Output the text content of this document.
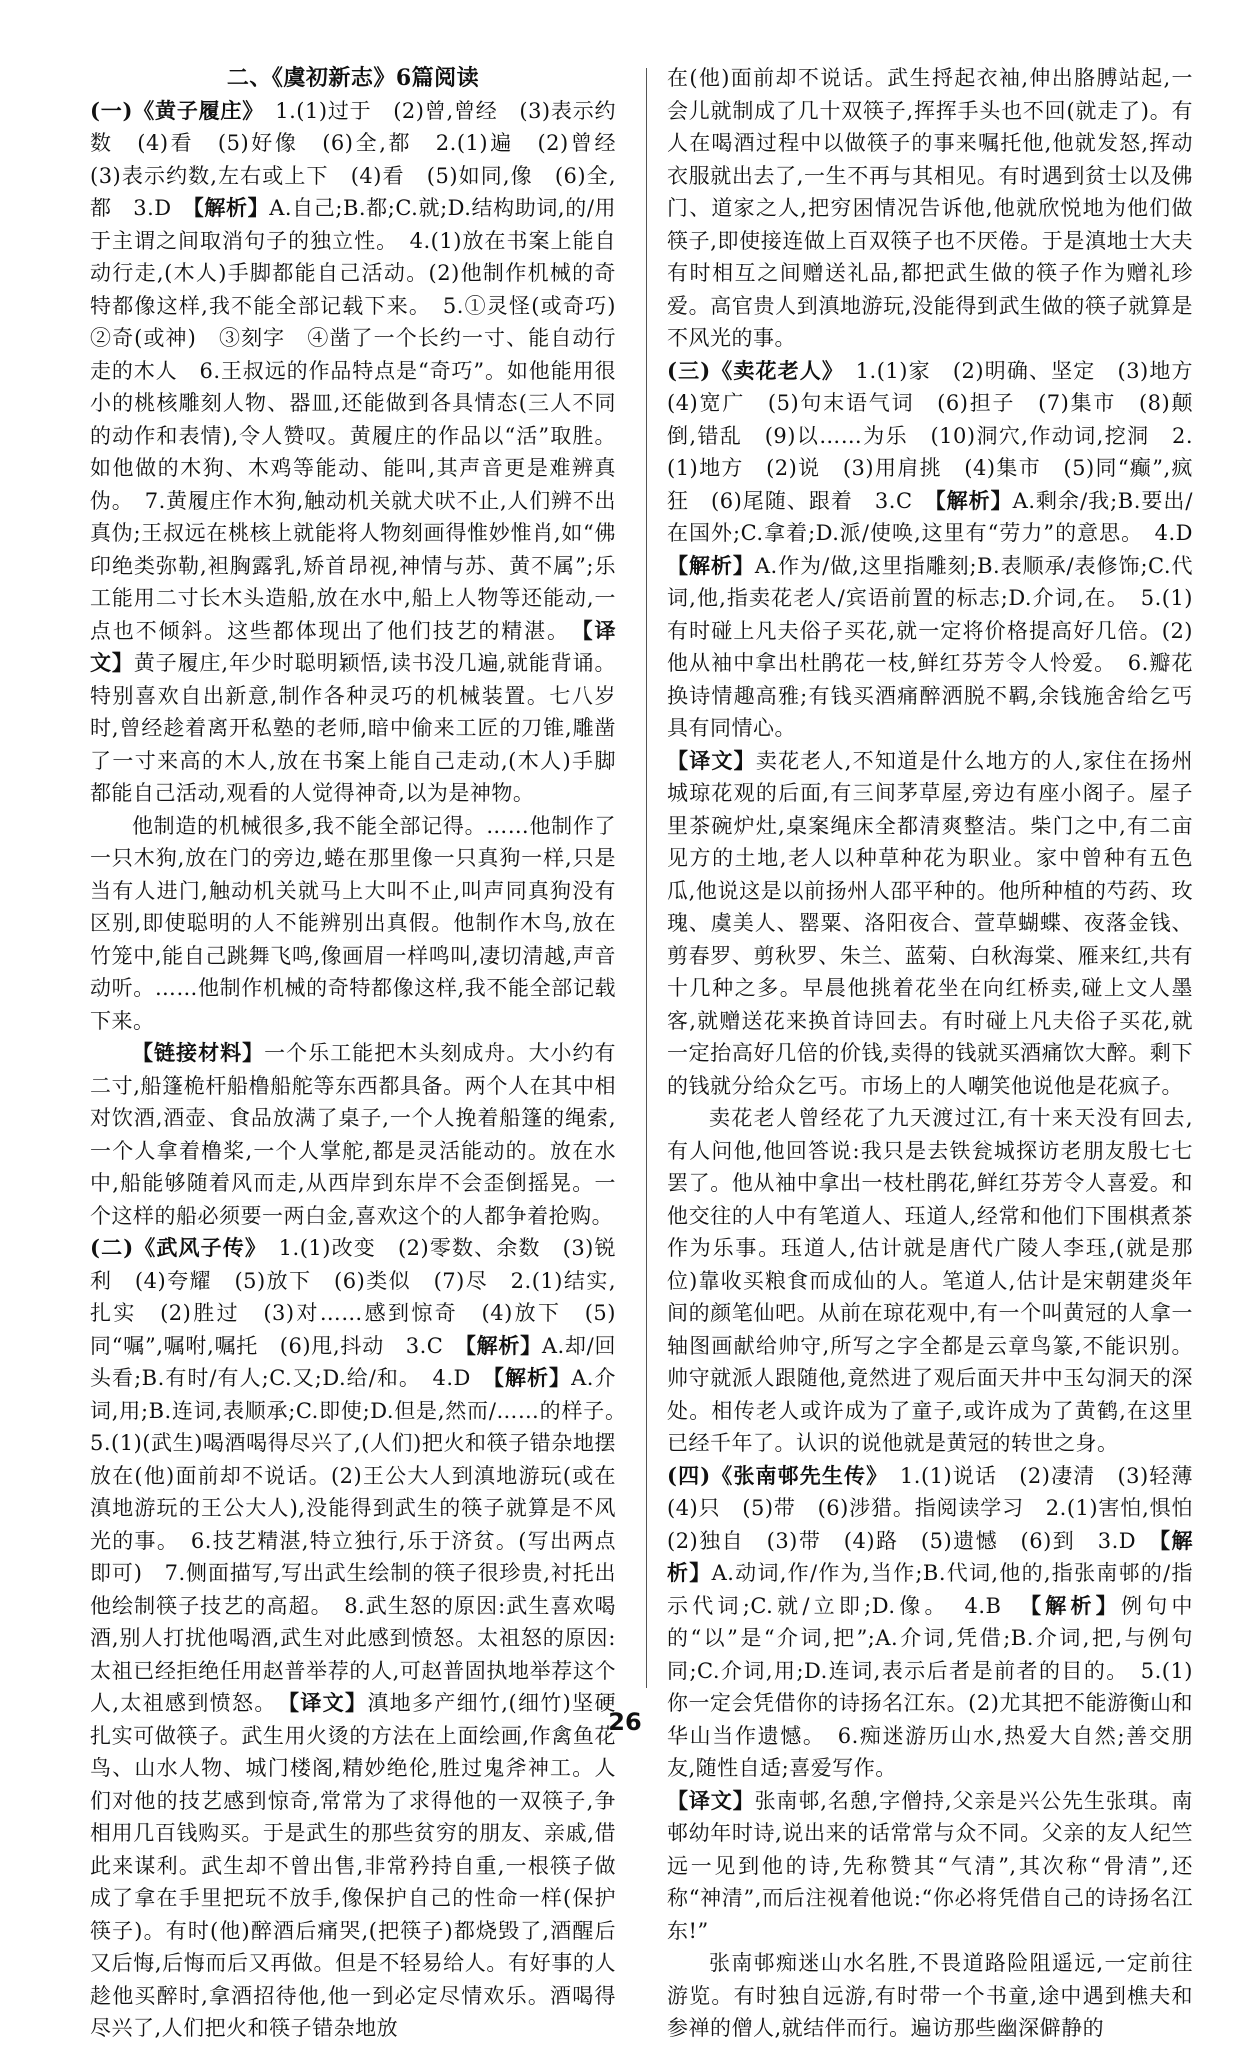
二、《虞初新志》6篇阅读

(一)《黄子履庄》　1.(1)过于　(2)曾,曾经　(3)表示约数　(4)看　(5)好像　(6)全,都　2.(1)遍　(2)曾经　(3)表示约数,左右或上下　(4)看　(5)如同,像　(6)全,都　3.D　【解析】A.自己;B.都;C.就;D.结构助词,的/用于主谓之间取消句子的独立性。　4.(1)放在书案上能自动行走,(木人)手脚都能自己活动。(2)他制作机械的奇特都像这样,我不能全部记载下来。　5.①灵怪(或奇巧)　②奇(或神)　③刻字　④凿了一个长约一寸、能自动行走的木人　6.王叔远的作品特点是“奇巧”。如他能用很小的桃核雕刻人物、器皿,还能做到各具情态(三人不同的动作和表情),令人赞叹。黄履庄的作品以“活”取胜。如他做的木狗、木鸡等能动、能叫,其声音更是难辨真伪。　7.黄履庄作木狗,触动机关就犬吠不止,人们辨不出真伪;王叔远在桃核上就能将人物刻画得惟妙惟肖,如“佛印绝类弥勒,袒胸露乳,矫首昂视,神情与苏、黄不属”;乐工能用二寸长木头造船,放在水中,船上人物等还能动,一点也不倾斜。这些都体现出了他们技艺的精湛。　【译文】黄子履庄,年少时聪明颖悟,读书没几遍,就能背诵。特别喜欢自出新意,制作各种灵巧的机械装置。七八岁时,曾经趁着离开私塾的老师,暗中偷来工匠的刀锥,雕凿了一寸来高的木人,放在书案上能自己走动,(木人)手脚都能自己活动,观看的人觉得神奇,以为是神物。

他制造的机械很多,我不能全部记得。……他制作了一只木狗,放在门的旁边,蜷在那里像一只真狗一样,只是当有人进门,触动机关就马上大叫不止,叫声同真狗没有区别,即使聪明的人不能辨别出真假。他制作木鸟,放在竹笼中,能自己跳舞飞鸣,像画眉一样鸣叫,凄切清越,声音动听。……他制作机械的奇特都像这样,我不能全部记载下来。

【链接材料】一个乐工能把木头刻成舟。大小约有二寸,船篷桅杆船橹船舵等东西都具备。两个人在其中相对饮酒,酒壶、食品放满了桌子,一个人挽着船篷的绳索,一个人拿着橹桨,一个人掌舵,都是灵活能动的。放在水中,船能够随着风而走,从西岸到东岸不会歪倒摇晃。一个这样的船必须要一两白金,喜欢这个的人都争着抢购。

(二)《武风子传》　1.(1)改变　(2)零数、余数　(3)锐利　(4)夸耀　(5)放下　(6)类似　(7)尽　2.(1)结实,扎实　(2)胜过　(3)对……感到惊奇　(4)放下　(5)同“嘱”,嘱咐,嘱托　(6)甩,抖动　3.C　【解析】A.却/回头看;B.有时/有人;C.又;D.给/和。　4.D　【解析】A.介词,用;B.连词,表顺承;C.即使;D.但是,然而/……的样子。　5.(1)(武生)喝酒喝得尽兴了,(人们)把火和筷子错杂地摆放在(他)面前却不说话。(2)王公大人到滇地游玩(或在滇地游玩的王公大人),没能得到武生的筷子就算是不风光的事。　6.技艺精湛,特立独行,乐于济贫。(写出两点即可)　7.侧面描写,写出武生绘制的筷子很珍贵,衬托出他绘制筷子技艺的高超。　8.武生怒的原因:武生喜欢喝酒,别人打扰他喝酒,武生对此感到愤怒。太祖怒的原因:太祖已经拒绝任用赵普举荐的人,可赵普固执地举荐这个人,太祖感到愤怒。　【译文】滇地多产细竹,(细竹)坚硬扎实可做筷子。武生用火烫的方法在上面绘画,作禽鱼花鸟、山水人物、城门楼阁,精妙绝伦,胜过鬼斧神工。人们对他的技艺感到惊奇,常常为了求得他的一双筷子,争相用几百钱购买。于是武生的那些贫穷的朋友、亲戚,借此来谋利。武生却不曾出售,非常矜持自重,一根筷子做成了拿在手里把玩不放手,像保护自己的性命一样(保护筷子)。有时(他)醉酒后痛哭,(把筷子)都烧毁了,酒醒后又后悔,后悔而后又再做。但是不轻易给人。有好事的人趁他买醉时,拿酒招待他,他一到必定尽情欢乐。酒喝得尽兴了,人们把火和筷子错杂地放

在(他)面前却不说话。武生捋起衣袖,伸出胳膊站起,一会儿就制成了几十双筷子,挥挥手头也不回(就走了)。有人在喝酒过程中以做筷子的事来嘱托他,他就发怒,挥动衣服就出去了,一生不再与其相见。有时遇到贫士以及佛门、道家之人,把穷困情况告诉他,他就欣悦地为他们做筷子,即使接连做上百双筷子也不厌倦。于是滇地士大夫有时相互之间赠送礼品,都把武生做的筷子作为赠礼珍爱。高官贵人到滇地游玩,没能得到武生做的筷子就算是不风光的事。

(三)《卖花老人》　1.(1)家　(2)明确、坚定　(3)地方　(4)宽广　(5)句末语气词　(6)担子　(7)集市　(8)颠倒,错乱　(9)以……为乐　(10)洞穴,作动词,挖洞　2.(1)地方　(2)说　(3)用肩挑　(4)集市　(5)同“癫”,疯狂　(6)尾随、跟着　3.C　【解析】A.剩余/我;B.要出/在国外;C.拿着;D.派/使唤,这里有“劳力”的意思。　4.D　【解析】A.作为/做,这里指雕刻;B.表顺承/表修饰;C.代词,他,指卖花老人/宾语前置的标志;D.介词,在。　5.(1)有时碰上凡夫俗子买花,就一定将价格提高好几倍。(2)他从袖中拿出杜鹃花一枝,鲜红芬芳令人怜爱。　6.瓣花换诗情趣高雅;有钱买酒痛醉洒脱不羁,余钱施舍给乞丐具有同情心。

【译文】卖花老人,不知道是什么地方的人,家住在扬州城琼花观的后面,有三间茅草屋,旁边有座小阁子。屋子里茶碗炉灶,桌案绳床全都清爽整洁。柴门之中,有二亩见方的土地,老人以种草种花为职业。家中曾种有五色瓜,他说这是以前扬州人邵平种的。他所种植的芍药、玫瑰、虞美人、罂粟、洛阳夜合、萱草蝴蝶、夜落金钱、剪春罗、剪秋罗、朱兰、蓝菊、白秋海棠、雁来红,共有十几种之多。早晨他挑着花坐在向红桥卖,碰上文人墨客,就赠送花来换首诗回去。有时碰上凡夫俗子买花,就一定抬高好几倍的价钱,卖得的钱就买酒痛饮大醉。剩下的钱就分给众乞丐。市场上的人嘲笑他说他是花疯子。

卖花老人曾经花了九天渡过江,有十来天没有回去,有人问他,他回答说:我只是去铁瓮城探访老朋友殷七七罢了。他从袖中拿出一枝杜鹃花,鲜红芬芳令人喜爱。和他交往的人中有笔道人、珏道人,经常和他们下围棋煮茶作为乐事。珏道人,估计就是唐代广陵人李珏,(就是那位)靠收买粮食而成仙的人。笔道人,估计是宋朝建炎年间的颜笔仙吧。从前在琼花观中,有一个叫黄冠的人拿一轴图画献给帅守,所写之字全都是云章鸟篆,不能识别。帅守就派人跟随他,竟然进了观后面天井中玉勾洞天的深处。相传老人或许成为了童子,或许成为了黄鹤,在这里已经千年了。认识的说他就是黄冠的转世之身。

(四)《张南邨先生传》　1.(1)说话　(2)凄清　(3)轻薄　(4)只　(5)带　(6)涉猎。指阅读学习　2.(1)害怕,惧怕　(2)独自　(3)带　(4)路　(5)遗憾　(6)到　3.D　【解析】A.动词,作/作为,当作;B.代词,他的,指张南邨的/指示代词;C.就/立即;D.像。　4.B　【解析】例句中的“以”是“介词,把”;A.介词,凭借;B.介词,把,与例句同;C.介词,用;D.连词,表示后者是前者的目的。　5.(1)你一定会凭借你的诗扬名江东。(2)尤其把不能游衡山和华山当作遗憾。　6.痴迷游历山水,热爱大自然;善交朋友,随性自适;喜爱写作。

【译文】张南邨,名憩,字僧持,父亲是兴公先生张琪。南邨幼年时诗,说出来的话常常与众不同。父亲的友人纪竺远一见到他的诗,先称赞其“气清”,其次称“骨清”,还称“神清”,而后注视着他说:“你必将凭借自己的诗扬名江东!”

张南邨痴迷山水名胜,不畏道路险阻遥远,一定前往游览。有时独自远游,有时带一个书童,途中遇到樵夫和参禅的僧人,就结伴而行。遍访那些幽深僻静的

26
